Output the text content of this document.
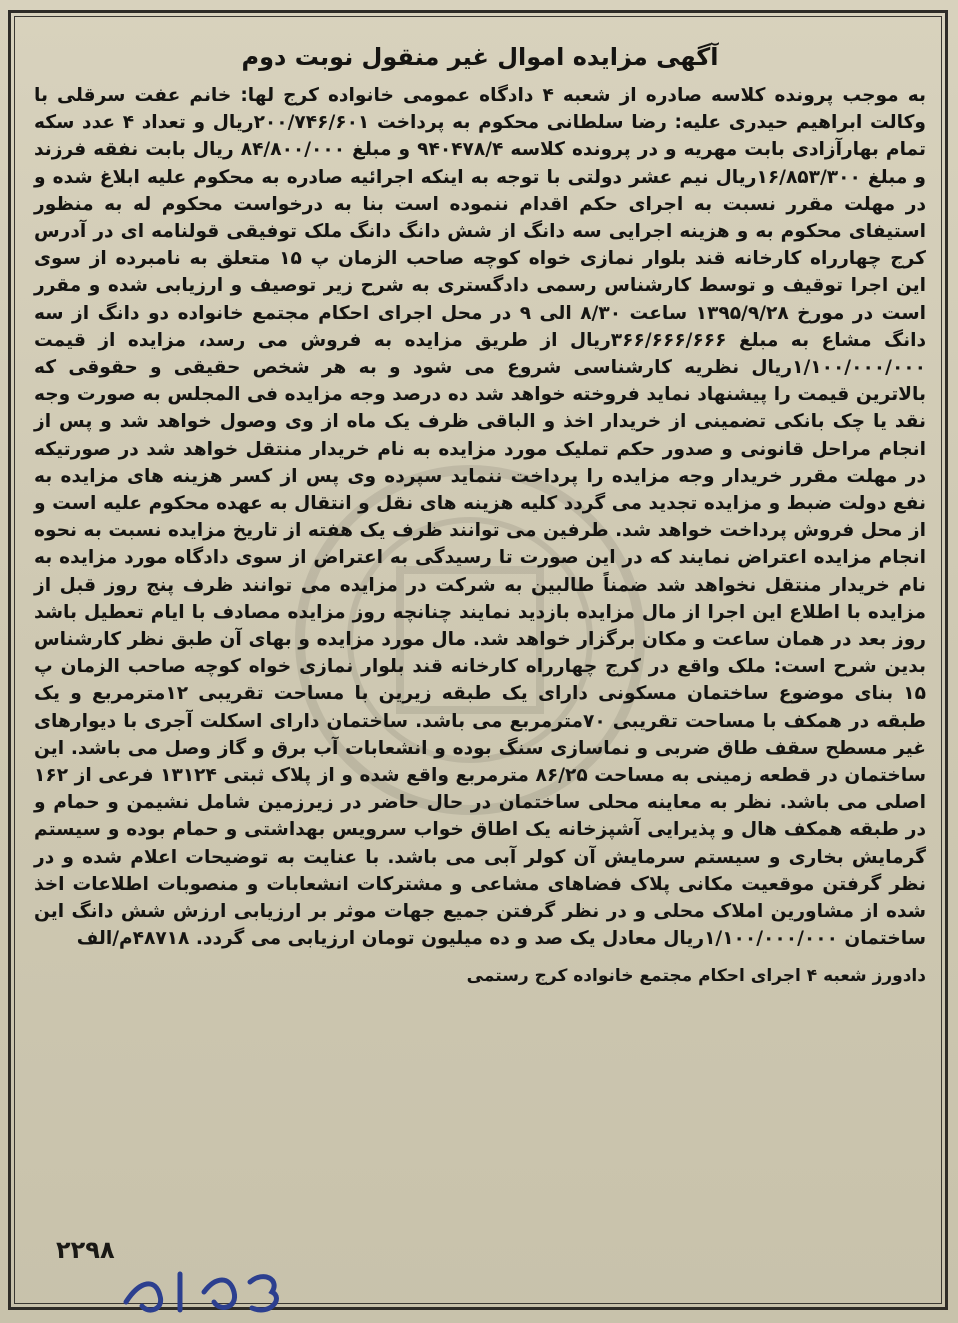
آگهی مزایده اموال غیر منقول نوبت دوم

به موجب پرونده کلاسه صادره از شعبه ۴ دادگاه عمومی خانواده کرج لها: خانم عفت سرقلی با وکالت ابراهیم حیدری علیه: رضا سلطانی محکوم به پرداخت ۲۰۰/۷۴۶/۶۰۱ریال و تعداد ۴ عدد سکه تمام بهارآزادی بابت مهریه و در پرونده کلاسه ۹۴۰۴۷۸/۴ و مبلغ ۸۴/۸۰۰/۰۰۰ ریال بابت نفقه فرزند و مبلغ ۱۶/۸۵۳/۳۰۰ریال نیم عشر دولتی با توجه به اینکه اجرائیه صادره به محکوم علیه ابلاغ شده و در مهلت مقرر نسبت به اجرای حکم اقدام ننموده است بنا به درخواست محکوم له به منظور استیفای محکوم به و هزینه اجرایی سه دانگ از شش دانگ دانگ ملک توفیقی قولنامه ای در آدرس کرج چهارراه کارخانه قند بلوار نمازی خواه کوچه صاحب الزمان پ ۱۵ متعلق به نامبرده از سوی این اجرا توقیف و توسط کارشناس رسمی دادگستری به شرح زیر توصیف و ارزیابی شده و مقرر است در مورخ ۱۳۹۵/۹/۲۸ ساعت ۸/۳۰ الی ۹ در محل اجرای احکام مجتمع خانواده دو دانگ از سه دانگ مشاع به مبلغ ۳۶۶/۶۶۶/۶۶۶ریال از طریق مزایده به فروش می رسد، مزایده از قیمت ۱/۱۰۰/۰۰۰/۰۰۰ریال نظریه کارشناسی شروع می شود و به هر شخص حقیقی و حقوقی که بالاترین قیمت را پیشنهاد نماید فروخته خواهد شد ده درصد وجه مزایده فی المجلس به صورت وجه نقد یا چک بانکی تضمینی از خریدار اخذ و الباقی ظرف یک ماه از وی وصول خواهد شد و پس از انجام مراحل قانونی و صدور حکم تملیک مورد مزایده به نام خریدار منتقل خواهد شد در صورتیکه در مهلت مقرر خریدار وجه مزایده را پرداخت ننماید سپرده وی پس از کسر هزینه های مزایده به نفع دولت ضبط و مزایده تجدید می گردد کلیه هزینه های نقل و انتقال به عهده محکوم علیه است و از محل فروش پرداخت خواهد شد. طرفین می توانند ظرف یک هفته از تاریخ مزایده نسبت به نحوه انجام مزایده اعتراض نمایند که در این صورت تا رسیدگی به اعتراض از سوی دادگاه مورد مزایده به نام خریدار منتقل نخواهد شد ضمناً طالبین به شرکت در مزایده می توانند ظرف پنج روز قبل از مزایده با اطلاع این اجرا از مال مزایده بازدید نمایند چنانچه روز مزایده مصادف با ایام تعطیل باشد روز بعد در همان ساعت و مکان برگزار خواهد شد. مال مورد مزایده و بهای آن طبق نظر کارشناس بدین شرح است: ملک واقع در کرج چهارراه کارخانه قند بلوار نمازی خواه کوچه صاحب الزمان پ ۱۵ بنای موضوع ساختمان مسکونی دارای یک طبقه زیرین با مساحت تقریبی ۱۲مترمربع و یک طبقه در همکف با مساحت تقریبی ۷۰مترمربع می باشد. ساختمان دارای اسکلت آجری با دیوارهای غیر مسطح سقف طاق ضربی و نماسازی سنگ بوده و انشعابات آب برق و گاز وصل می باشد. این ساختمان در قطعه زمینی به مساحت ۸۶/۲۵ مترمربع واقع شده و از پلاک ثبتی ۱۳۱۲۴ فرعی از ۱۶۲ اصلی می باشد. نظر به معاینه محلی ساختمان در حال حاضر در زیرزمین شامل نشیمن و حمام و در طبقه همکف هال و پذیرایی آشپزخانه یک اطاق خواب سرویس بهداشتی و حمام بوده و سیستم گرمایش بخاری و سیستم سرمایش آن کولر آبی می باشد. با عنایت به توضیحات اعلام شده و در نظر گرفتن موقعیت مکانی پلاک فضاهای مشاعی و مشترکات انشعابات و منصوبات اطلاعات اخذ شده از مشاورین املاک محلی و در نظر گرفتن جمیع جهات موثر بر ارزیابی ارزش شش دانگ این ساختمان ۱/۱۰۰/۰۰۰/۰۰۰ریال معادل یک صد و ده میلیون تومان ارزیابی می گردد. ۴۸۷۱۸م/الف

دادورز شعبه ۴ اجرای احکام مجتمع خانواده کرج رستمی
۲۲۹۸
